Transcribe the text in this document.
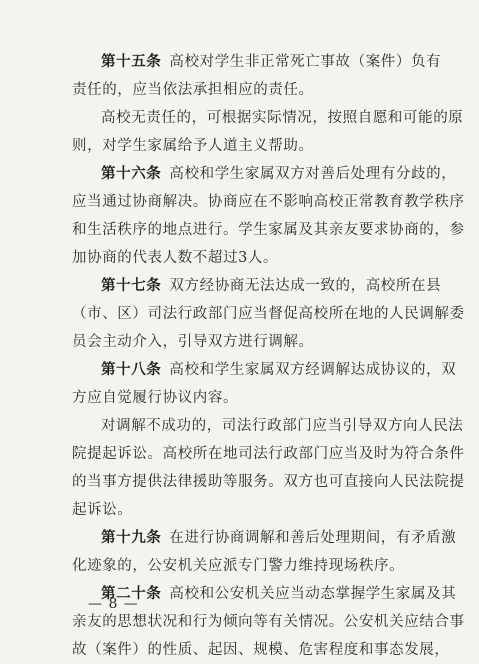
第十五条 高校对学生非正常死亡事故（案件）负有
责任的，应当依法承担相应的责任。
高校无责任的，可根据实际情况，按照自愿和可能的原
则，对学生家属给予人道主义帮助。
第十六条 高校和学生家属双方对善后处理有分歧的，
应当通过协商解决。协商应在不影响高校正常教育教学秩序
和生活秩序的地点进行。学生家属及其亲友要求协商的，参
加协商的代表人数不超过3人。
第十七条 双方经协商无法达成一致的，高校所在县
（市、区）司法行政部门应当督促高校所在地的人民调解委
员会主动介入，引导双方进行调解。
第十八条 高校和学生家属双方经调解达成协议的，双
方应自觉履行协议内容。
对调解不成功的，司法行政部门应当引导双方向人民法
院提起诉讼。高校所在地司法行政部门应当及时为符合条件
的当事方提供法律援助等服务。双方也可直接向人民法院提
起诉讼。
第十九条 在进行协商调解和善后处理期间，有矛盾激
化迹象的，公安机关应派专门警力维持现场秩序。
第二十条 高校和公安机关应当动态掌握学生家属及其
亲友的思想状况和行为倾向等有关情况。公安机关应结合事
故（案件）的性质、起因、规模、危害程度和事态发展，
— 8 —
